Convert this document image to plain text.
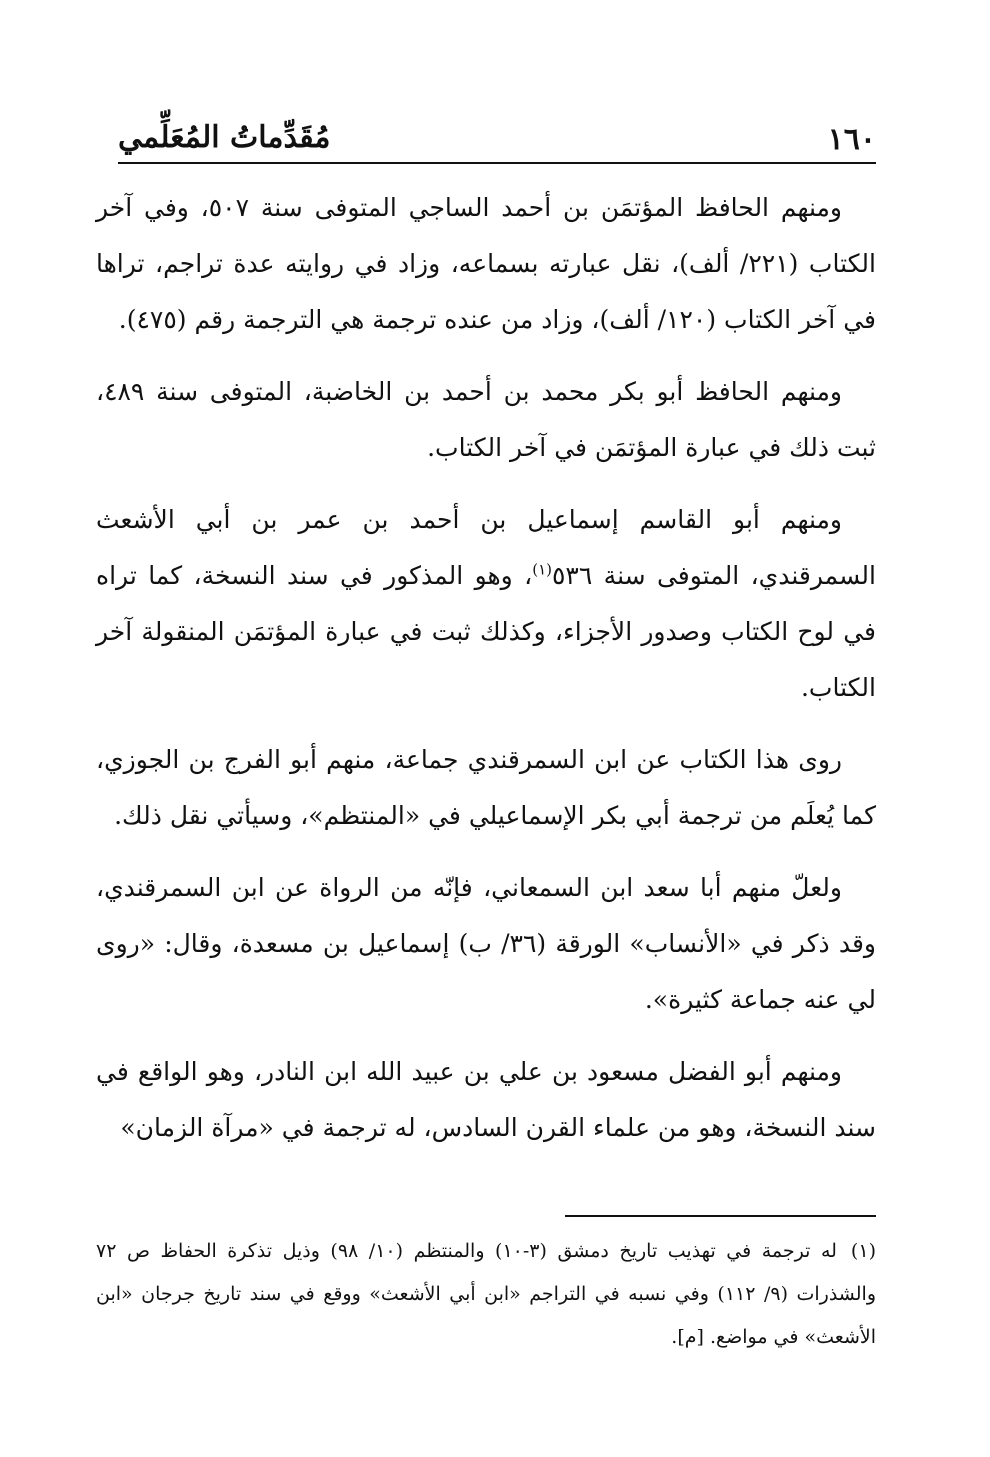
١٦٠
مُقَدِّماتُ المُعَلِّمي

ومنهم الحافظ المؤتمَن بن أحمد الساجي المتوفى سنة ٥٠٧، وفي آخر الكتاب (٢٢١/ ألف)، نقل عبارته بسماعه، وزاد في روايته عدة تراجم، تراها في آخر الكتاب (١٢٠/ ألف)، وزاد من عنده ترجمة هي الترجمة رقم (٤٧٥).

ومنهم الحافظ أبو بكر محمد بن أحمد بن الخاضبة، المتوفى سنة ٤٨٩، ثبت ذلك في عبارة المؤتمَن في آخر الكتاب.

ومنهم أبو القاسم إسماعيل بن أحمد بن عمر بن أبي الأشعث السمرقندي، المتوفى سنة ٥٣٦$^{(١)}$، وهو المذكور في سند النسخة، كما تراه في لوح الكتاب وصدور الأجزاء، وكذلك ثبت في عبارة المؤتمَن المنقولة آخر الكتاب.

روى هذا الكتاب عن ابن السمرقندي جماعة، منهم أبو الفرج بن الجوزي، كما يُعلَم من ترجمة أبي بكر الإسماعيلي في «المنتظم»، وسيأتي نقل ذلك.

ولعلّ منهم أبا سعد ابن السمعاني، فإنّه من الرواة عن ابن السمرقندي، وقد ذكر في «الأنساب» الورقة (٣٦/ ب) إسماعيل بن مسعدة، وقال: «روى لي عنه جماعة كثيرة».

ومنهم أبو الفضل مسعود بن علي بن عبيد الله ابن النادر، وهو الواقع في سند النسخة، وهو من علماء القرن السادس، له ترجمة في «مرآة الزمان»

(١)له ترجمة في تهذيب تاريخ دمشق (٣-١٠) والمنتظم (١٠/ ٩٨) وذيل تذكرة الحفاظ ص ٧٢ والشذرات (٩/ ١١٢) وفي نسبه في التراجم «ابن أبي الأشعث» ووقع في سند تاريخ جرجان «ابن الأشعث» في مواضع. [م].
